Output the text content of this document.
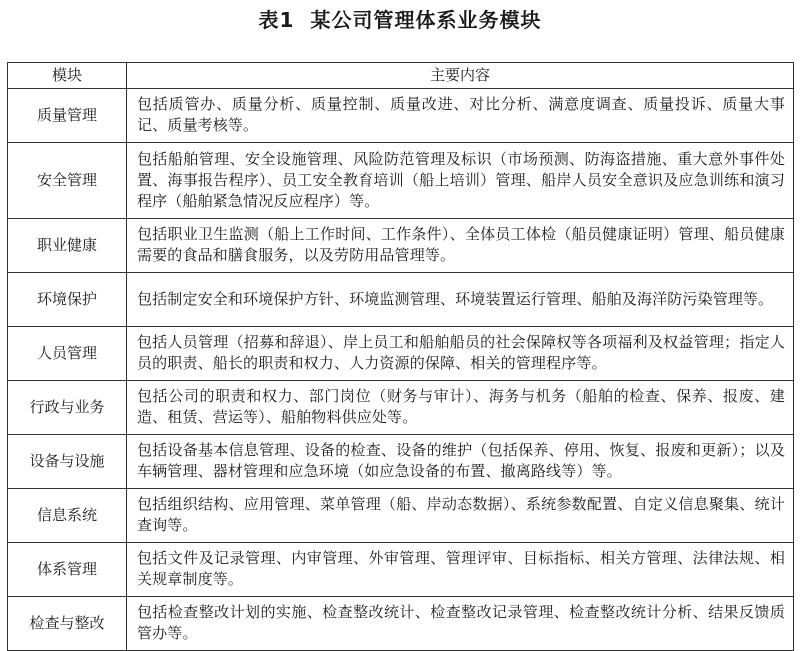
表1 某公司管理体系业务模块
模块	主要内容
质量管理	包括质管办、质量分析、质量控制、质量改进、对比分析、满意度调查、质量投诉、质量大事记、质量考核等。
安全管理	包括船舶管理、安全设施管理、风险防范管理及标识（市场预测、防海盗措施、重大意外事件处置、海事报告程序）、员工安全教育培训（船上培训）管理、船岸人员安全意识及应急训练和演习程序（船舶紧急情况反应程序）等。
职业健康	包括职业卫生监测（船上工作时间、工作条件）、全体员工体检（船员健康证明）管理、船员健康需要的食品和膳食服务，以及劳防用品管理等。
环境保护	包括制定安全和环境保护方针、环境监测管理、环境装置运行管理、船舶及海洋防污染管理等。
人员管理	包括人员管理（招募和辞退）、岸上员工和船舶船员的社会保障权等各项福利及权益管理；指定人员的职责、船长的职责和权力、人力资源的保障、相关的管理程序等。
行政与业务	包括公司的职责和权力、部门岗位（财务与审计）、海务与机务（船舶的检查、保养、报废、建造、租赁、营运等）、船舶物料供应处等。
设备与设施	包括设备基本信息管理、设备的检查、设备的维护（包括保养、停用、恢复、报废和更新）；以及车辆管理、器材管理和应急环境（如应急设备的布置、撤离路线等）等。
信息系统	包括组织结构、应用管理、菜单管理（船、岸动态数据）、系统参数配置、自定义信息聚集、统计查询等。
体系管理	包括文件及记录管理、内审管理、外审管理、管理评审、目标指标、相关方管理、法律法规、相关规章制度等。
检查与整改	包括检查整改计划的实施、检查整改统计、检查整改记录管理、检查整改统计分析、结果反馈质管办等。
